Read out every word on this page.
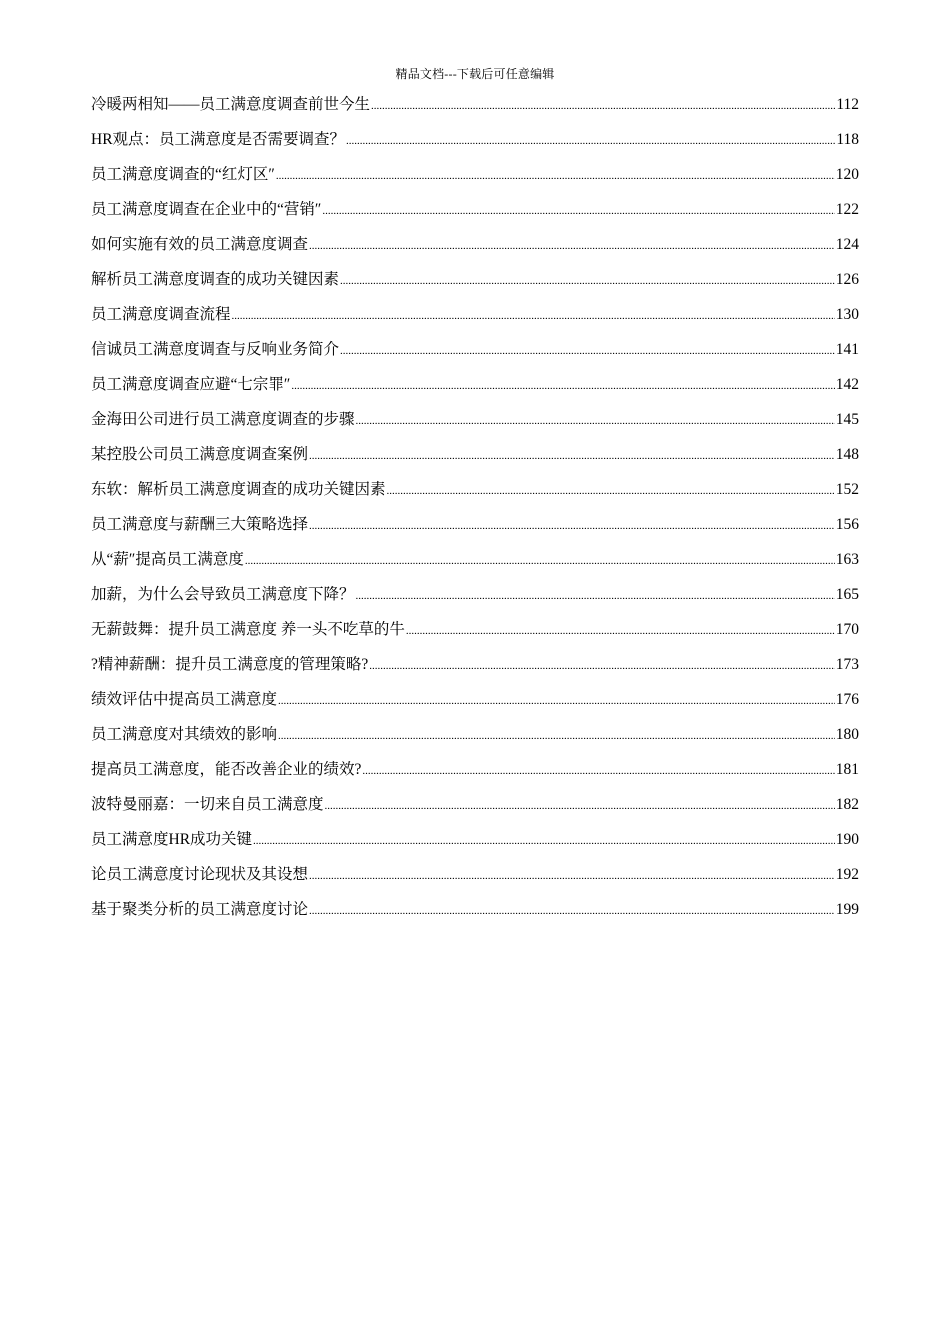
精品文档---下载后可任意编辑
冷暖两相知——员工满意度调查前世今生 .....	112
HR观点：员工满意度是否需要调查？ .....	118
员工满意度调查的“红灯区″ .....	120
员工满意度调查在企业中的“营销″ .....	122
如何实施有效的员工满意度调查 .....	124
解析员工满意度调查的成功关键因素 .....	126
员工满意度调查流程 .....	130
信诚员工满意度调查与反响业务简介 .....	141
员工满意度调查应避“七宗罪″ .....	142
金海田公司进行员工满意度调查的步骤 .....	145
某控股公司员工满意度调查案例 .....	148
东软：解析员工满意度调查的成功关键因素 .....	152
员工满意度与薪酬三大策略选择 .....	156
从“薪″提高员工满意度 .....	163
加薪，为什么会导致员工满意度下降？ .....	165
无薪鼓舞：提升员工满意度 养一头不吃草的牛 .....	170
?精神薪酬：提升员工满意度的管理策略? .....	173
绩效评估中提高员工满意度 .....	176
员工满意度对其绩效的影响 .....	180
提高员工满意度，能否改善企业的绩效? .....	181
波特曼丽嘉：一切来自员工满意度 .....	182
员工满意度HR成功关键 .....	190
论员工满意度讨论现状及其设想 .....	192
基于聚类分析的员工满意度讨论 .....	199
